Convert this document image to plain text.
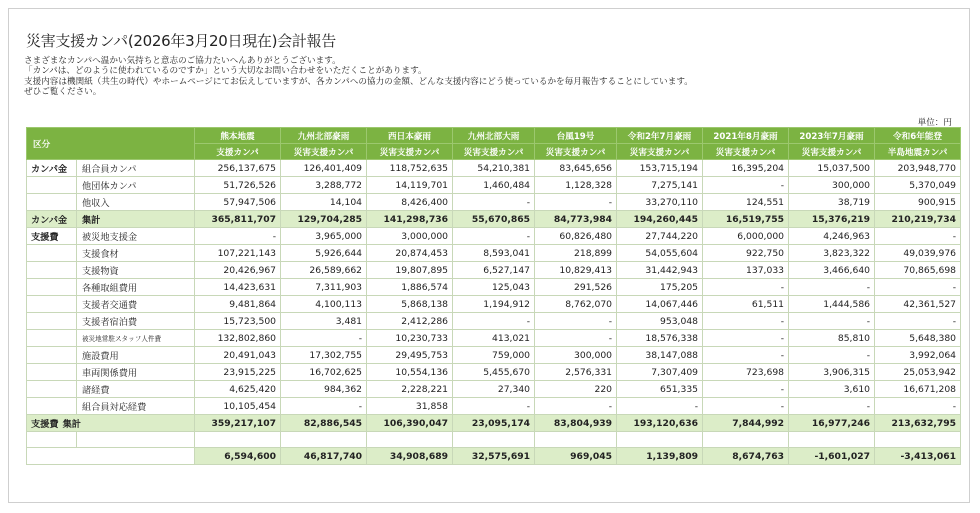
災害支援カンパ(2026年3月20日現在)会計報告
さまざまなカンパへ温かい気持ちと意志のご協力たいへんありがとうございます。
「カンパは、どのように使われているのですか」という大切なお問い合わせをいただくことがあります。
支援内容は機関紙（共生の時代）やホームページにてお伝えしていますが、各カンパへの協力の金額、どんな支援内容にどう使っているかを毎月報告することにしています。
ぜひご覧ください。
単位：円
区分		熊本地震	九州北部豪雨	西日本豪雨	九州北部大雨	台風19号	令和2年7月豪雨	2021年8月豪雨	2023年7月豪雨	令和6年能登
		支援カンパ	災害支援カンパ	災害支援カンパ	災害支援カンパ	災害支援カンパ	災害支援カンパ	災害支援カンパ	災害支援カンパ	半島地震カンパ
カンパ金	組合員カンパ	256,137,675	126,401,409	118,752,635	54,210,381	83,645,656	153,715,194	16,395,204	15,037,500	203,948,770
	他団体カンパ	51,726,526	3,288,772	14,119,701	1,460,484	1,128,328	7,275,141	-	300,000	5,370,049
	他収入	57,947,506	14,104	8,426,400	-	-	33,270,110	124,551	38,719	900,915
カンパ金	集計	365,811,707	129,704,285	141,298,736	55,670,865	84,773,984	194,260,445	16,519,755	15,376,219	210,219,734
支援費	被災地支援金	-	3,965,000	3,000,000	-	60,826,480	27,744,220	6,000,000	4,246,963	-
	支援食材	107,221,143	5,926,644	20,874,453	8,593,041	218,899	54,055,604	922,750	3,823,322	49,039,976
	支援物資	20,426,967	26,589,662	19,807,895	6,527,147	10,829,413	31,442,943	137,033	3,466,640	70,865,698
	各種取組費用	14,423,631	7,311,903	1,886,574	125,043	291,526	175,205	-	-	-
	支援者交通費	9,481,864	4,100,113	5,868,138	1,194,912	8,762,070	14,067,446	61,511	1,444,586	42,361,527
	支援者宿泊費	15,723,500	3,481	2,412,286	-	-	953,048	-	-	-
	被災地常駐スタッフ人件費	132,802,860	-	10,230,733	413,021	-	18,576,338	-	85,810	5,648,380
	施設費用	20,491,043	17,302,755	29,495,753	759,000	300,000	38,147,088	-	-	3,992,064
	車両関係費用	23,915,225	16,702,625	10,554,136	5,455,670	2,576,331	7,307,409	723,698	3,906,315	25,053,942
	諸経費	4,625,420	984,362	2,228,221	27,340	220	651,335	-	3,610	16,671,208
	組合員対応経費	10,105,454	-	31,858	-	-	-	-	-	-
支援費 集計		359,217,107	82,886,545	106,390,047	23,095,174	83,804,939	193,120,636	7,844,992	16,977,246	213,632,795

		6,594,600	46,817,740	34,908,689	32,575,691	969,045	1,139,809	8,674,763	-1,601,027	-3,413,061
